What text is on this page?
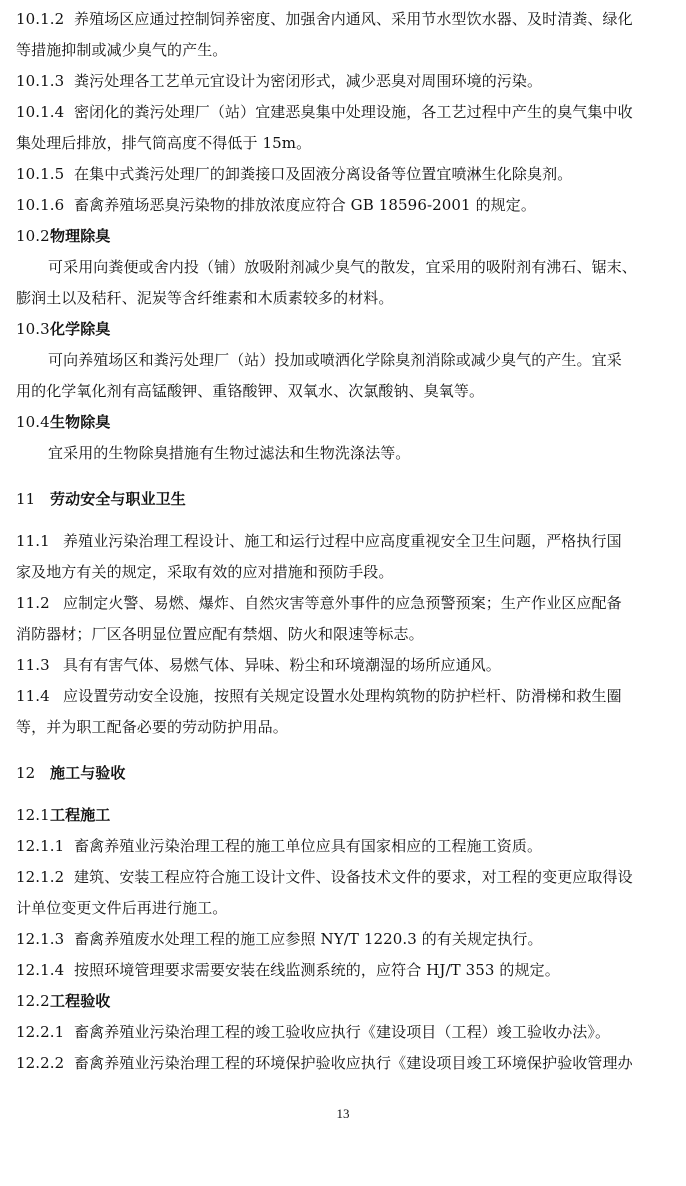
10.1.2 养殖场区应通过控制饲养密度、加强舍内通风、采用节水型饮水器、及时清粪、绿化
等措施抑制或减少臭气的产生。
10.1.3 粪污处理各工艺单元宜设计为密闭形式，减少恶臭对周围环境的污染。
10.1.4 密闭化的粪污处理厂（站）宜建恶臭集中处理设施，各工艺过程中产生的臭气集中收
集处理后排放，排气筒高度不得低于 15m。
10.1.5 在集中式粪污处理厂的卸粪接口及固液分离设备等位置宜喷淋生化除臭剂。
10.1.6 畜禽养殖场恶臭污染物的排放浓度应符合 GB 18596-2001 的规定。
10.2物理除臭
可采用向粪便或舍内投（铺）放吸附剂减少臭气的散发，宜采用的吸附剂有沸石、锯末、
膨润土以及秸秆、泥炭等含纤维素和木质素较多的材料。
10.3化学除臭
可向养殖场区和粪污处理厂（站）投加或喷洒化学除臭剂消除或减少臭气的产生。宜采
用的化学氧化剂有高锰酸钾、重铬酸钾、双氧水、次氯酸钠、臭氧等。
10.4生物除臭
宜采用的生物除臭措施有生物过滤法和生物洗涤法等。
11 劳动安全与职业卫生
11.1 养殖业污染治理工程设计、施工和运行过程中应高度重视安全卫生问题，严格执行国
家及地方有关的规定，采取有效的应对措施和预防手段。
11.2 应制定火警、易燃、爆炸、自然灾害等意外事件的应急预警预案；生产作业区应配备
消防器材；厂区各明显位置应配有禁烟、防火和限速等标志。
11.3 具有有害气体、易燃气体、异味、粉尘和环境潮湿的场所应通风。
11.4 应设置劳动安全设施，按照有关规定设置水处理构筑物的防护栏杆、防滑梯和救生圈
等，并为职工配备必要的劳动防护用品。
12 施工与验收
12.1工程施工
12.1.1 畜禽养殖业污染治理工程的施工单位应具有国家相应的工程施工资质。
12.1.2 建筑、安装工程应符合施工设计文件、设备技术文件的要求，对工程的变更应取得设
计单位变更文件后再进行施工。
12.1.3 畜禽养殖废水处理工程的施工应参照 NY/T 1220.3 的有关规定执行。
12.1.4 按照环境管理要求需要安装在线监测系统的，应符合 HJ/T 353 的规定。
12.2工程验收
12.2.1 畜禽养殖业污染治理工程的竣工验收应执行《建设项目（工程）竣工验收办法》。
12.2.2 畜禽养殖业污染治理工程的环境保护验收应执行《建设项目竣工环境保护验收管理办
13
